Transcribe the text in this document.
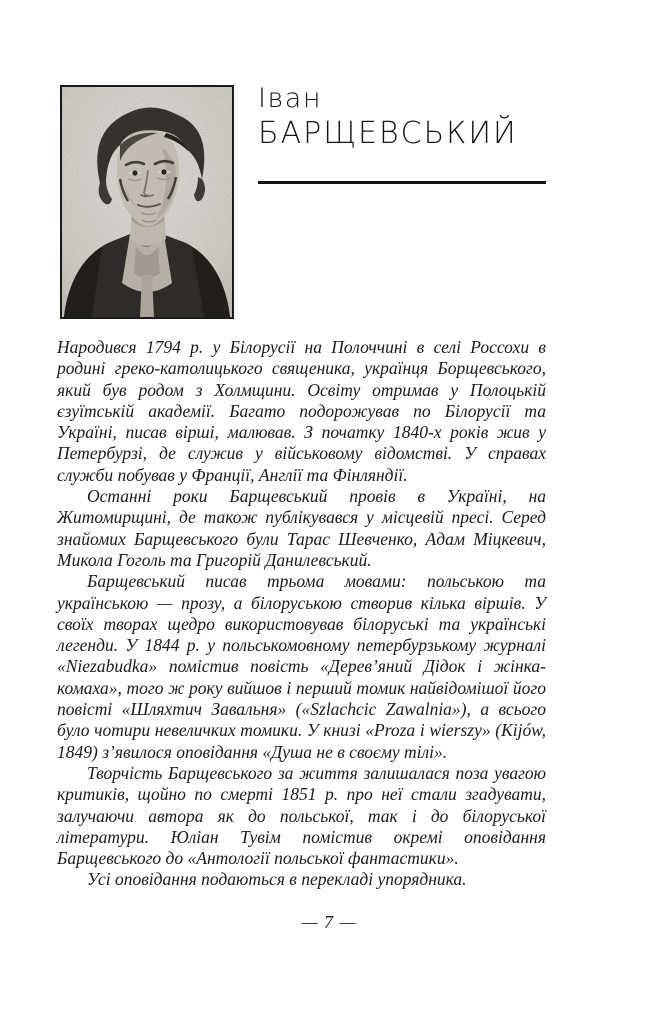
Іван
БАРЩЕВСЬКИЙ

Народився 1794 р. у Білорусії на Полоччині в селі Россохи в родині греко-католицького священика, українця Борщевського, який був родом з Холмщини. Освіту отримав у Полоцькій єзуїтській академії. Багато подорожував по Білорусії та Україні, писав вірші, малював. З початку 1840-х років жив у Петербурзі, де служив у військовому відомстві. У справах служби побував у Франції, Англії та Фінляндії.

Останні роки Барщевський провів в Україні, на Житомирщині, де також публікувався у місцевій пресі. Серед знайомих Барщевського були Тарас Шевченко, Адам Міцкевич, Микола Гоголь та Григорій Данилевський.

Барщевський писав трьома мовами: польською та українською — прозу, а білоруською створив кілька віршів. У своїх творах щедро використовував білоруські та українські легенди. У 1844 р. у польськомовному петербурзькому журналі «Niezabudka» помістив повість «Дерев’яний Дідок і жінка-комаха», того ж року вийшов і перший томик найвідомішої його повісті «Шляхтич Завальня» («Szlachcic Zawalnia»), а всього було чотири невеличких томики. У книзі «Proza i wierszy» (Kijów, 1849) з’явилося оповідання «Душа не в своєму тілі».

Творчість Барщевського за життя залишалася поза увагою критиків, щойно по смерті 1851 р. про неї стали згадувати, залучаючи автора як до польської, так і до білоруської літератури. Юліан Тувім помістив окремі оповідання Барщевського до «Антології польської фантастики».

Усі оповідання подаються в перекладі упорядника.

— 7 —
